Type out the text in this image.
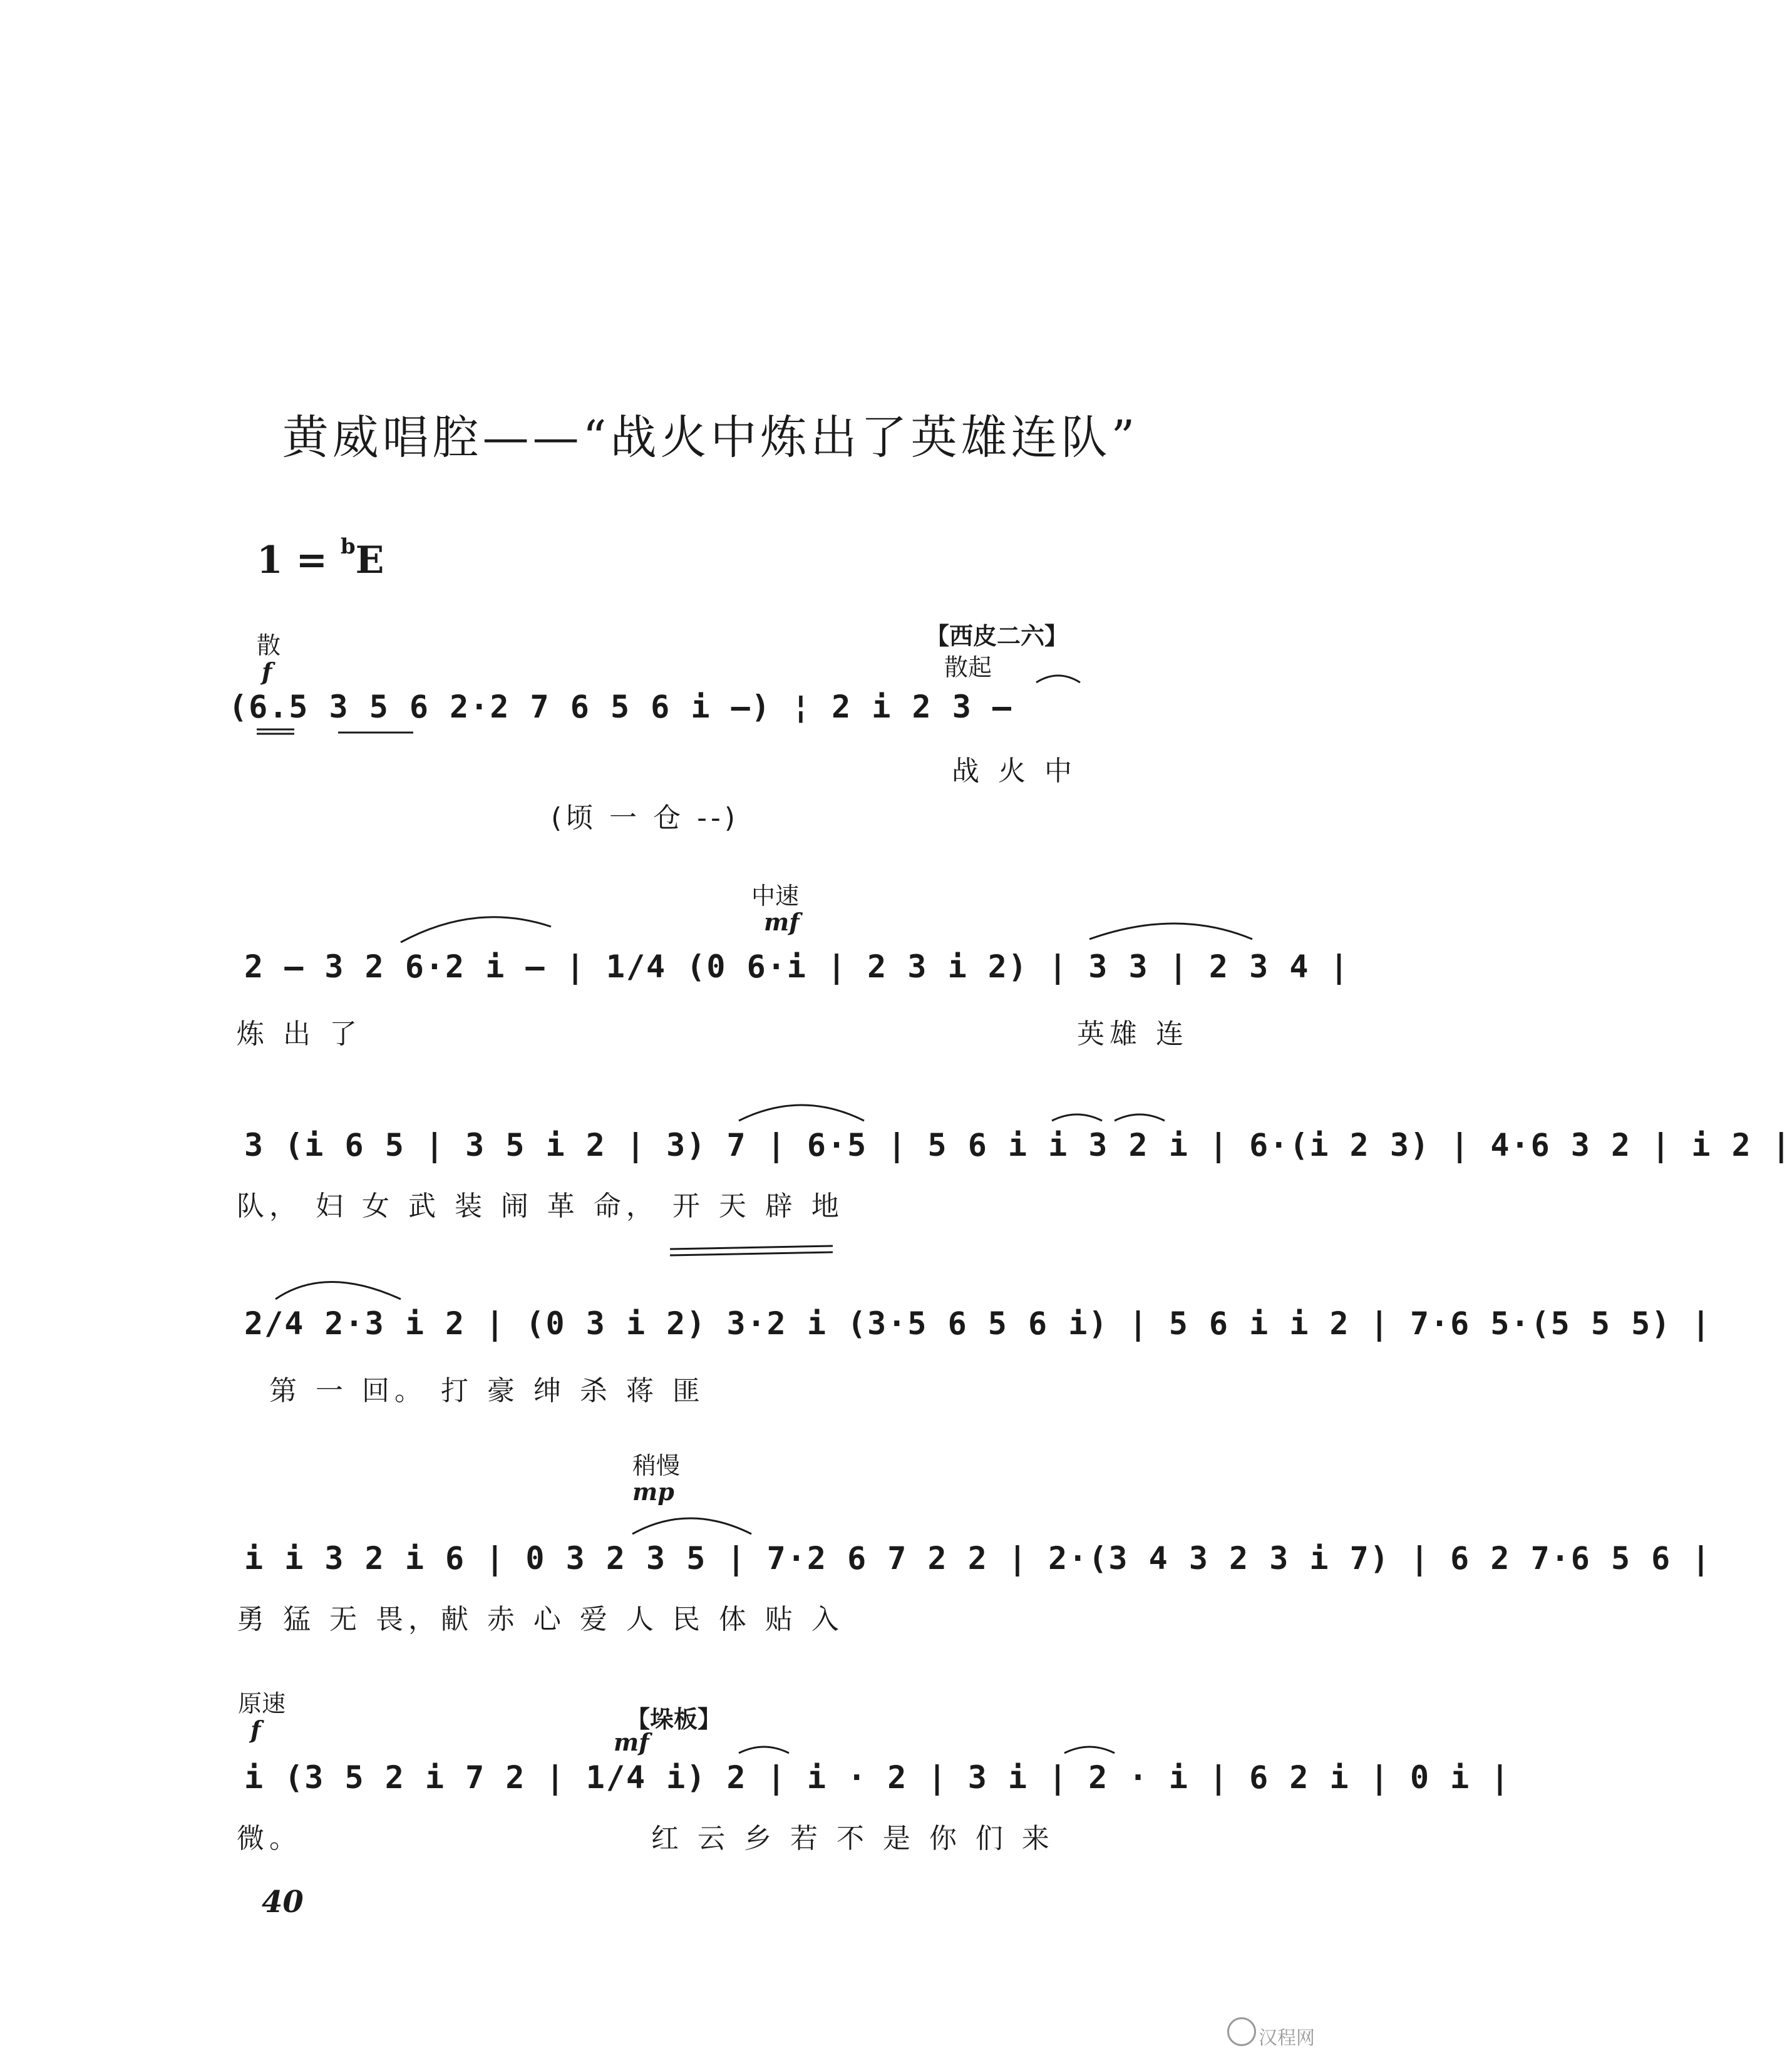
黄威唱腔——“战火中炼出了英雄连队”
1 = $^b$E
【西皮二六】
散
f	散起
(6.5 3 5 6 2·2 7 6 5 6 i —) ¦ 2 i 2 3 —
战 火 中
(顷 一 仓 --)
中速
mf
2 — 3 2 6·2 i — | 1/4 (0 6·i | 2 3 i 2) | 3 3 | 2 3 4 |
炼 出 了	英雄 连
3 (i 6 5 | 3 5 i 2 | 3) 7 | 6·5 | 5 6 i i 3 2 i | 6·(i 2 3) | 4·6 3 2 | i 2 |
队， 妇 女 武 装 闹 革 命， 开 天 辟 地
2/4 2·3 i 2 | (0 3 i 2) 3·2 i (3·5 6 5 6 i) | 5 6 i i 2 | 7·6 5·(5 5 5) |
第 一 回。 打 豪 绅 杀 蒋 匪
稍慢
mp
i i 3 2 i 6 | 0 3 2 3 5 | 7·2 6 7 2 2 | 2·(3 4 3 2 3 i 7) | 6 2 7·6 5 6 |
勇 猛 无 畏，献 赤 心 爱 人 民 体 贴 入
原速
f	【垛板】
mf
i (3 5 2 i 7 2 | 1/4 i) 2 | i · 2 | 3 i | 2 · i | 6 2 i | 0 i |
微。	红 云 乡 若 不 是 你 们 来
40
汉程网
